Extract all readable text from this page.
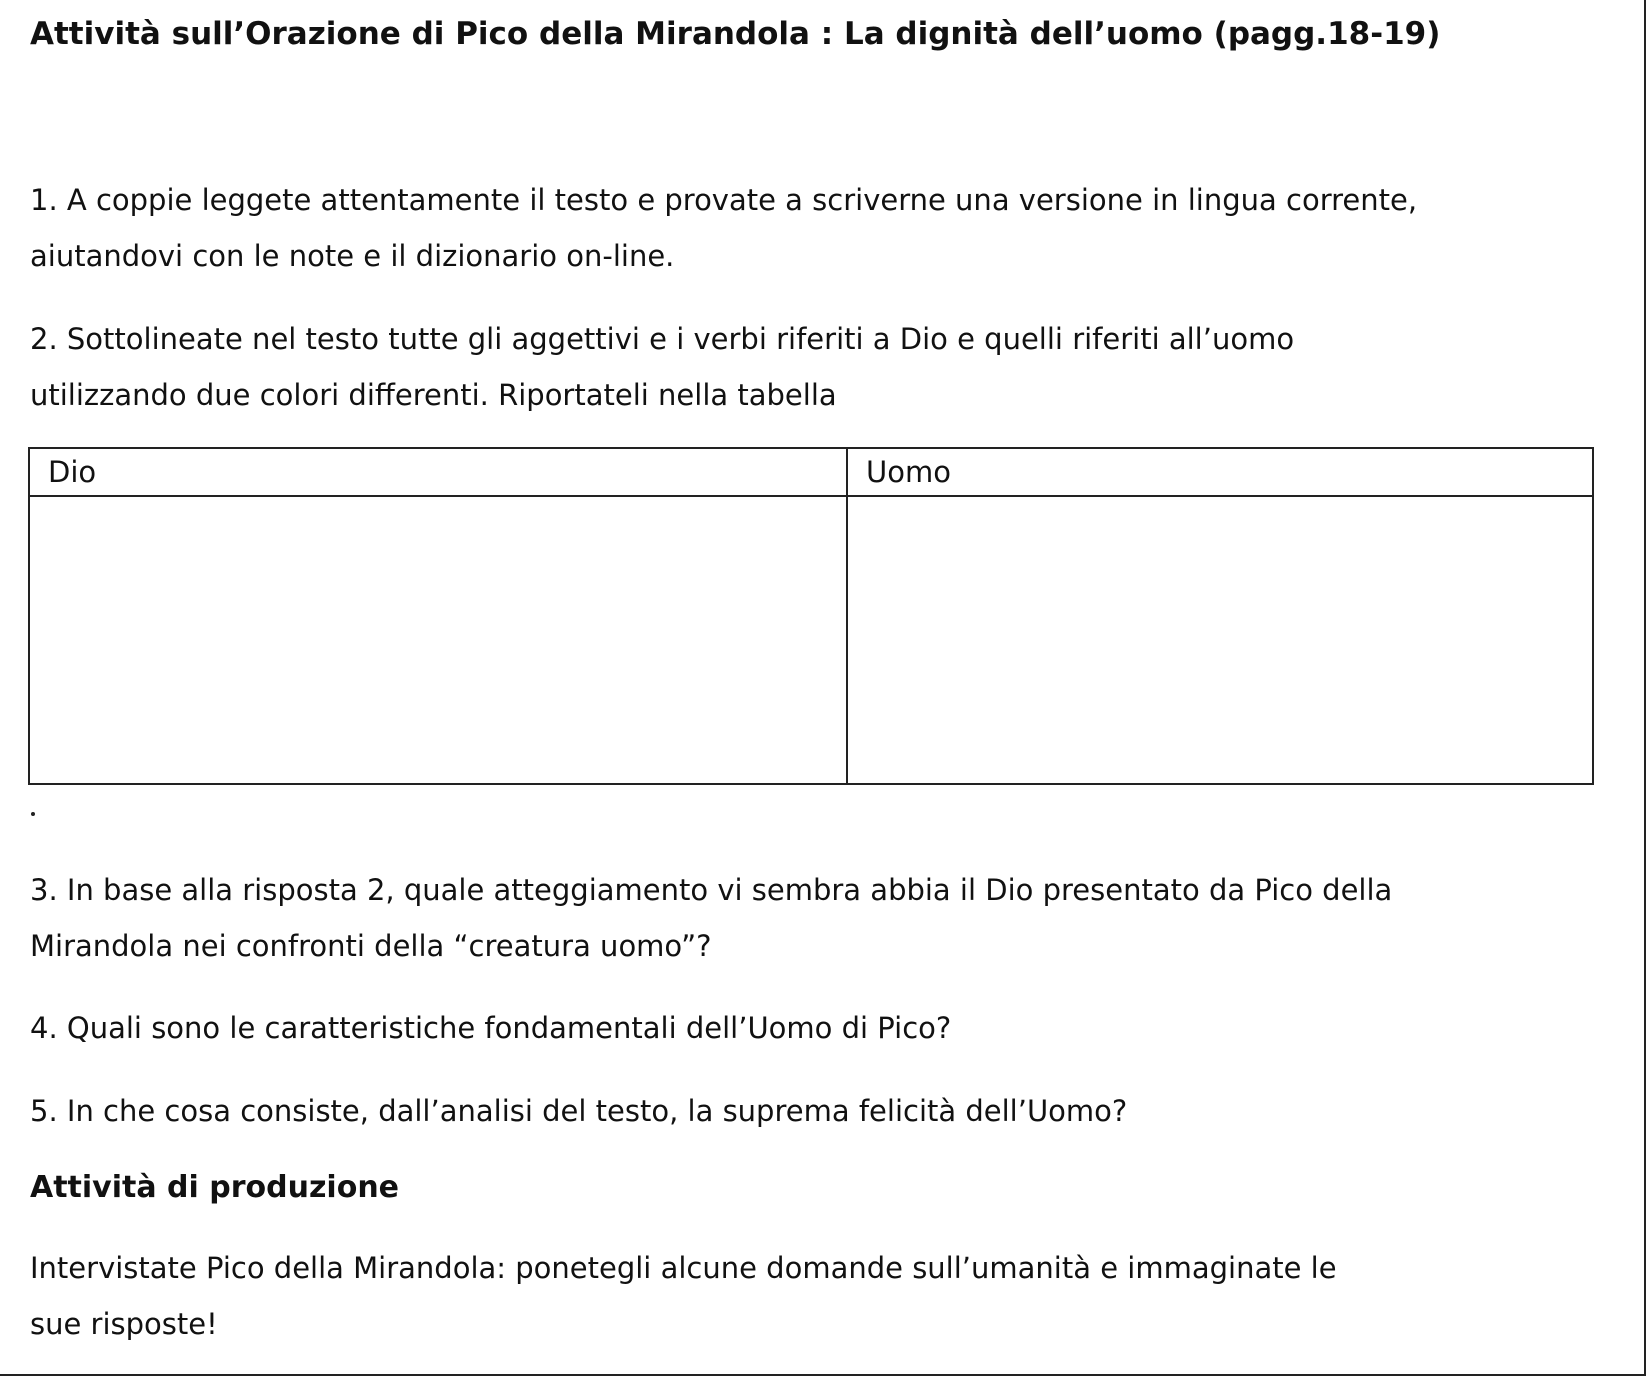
Attività sull’Orazione di Pico della Mirandola : La dignità dell’uomo (pagg.18-19)

1. A coppie leggete attentamente il testo e provate a scriverne una versione in lingua corrente,
aiutandovi con le note e il dizionario on-line.

2. Sottolineate nel testo tutte gli aggettivi e i verbi riferiti a Dio e quelli riferiti all’uomo
utilizzando due colori differenti. Riportateli nella tabella

Dio	Uomo

3. In base alla risposta 2, quale atteggiamento vi sembra abbia il Dio presentato da Pico della
Mirandola nei confronti della “creatura uomo”?

4. Quali sono le caratteristiche fondamentali dell’Uomo di Pico?

5. In che cosa consiste, dall’analisi del testo, la suprema felicità dell’Uomo?

Attività di produzione

Intervistate Pico della Mirandola: ponetegli alcune domande sull’umanità e immaginate le
sue risposte!
